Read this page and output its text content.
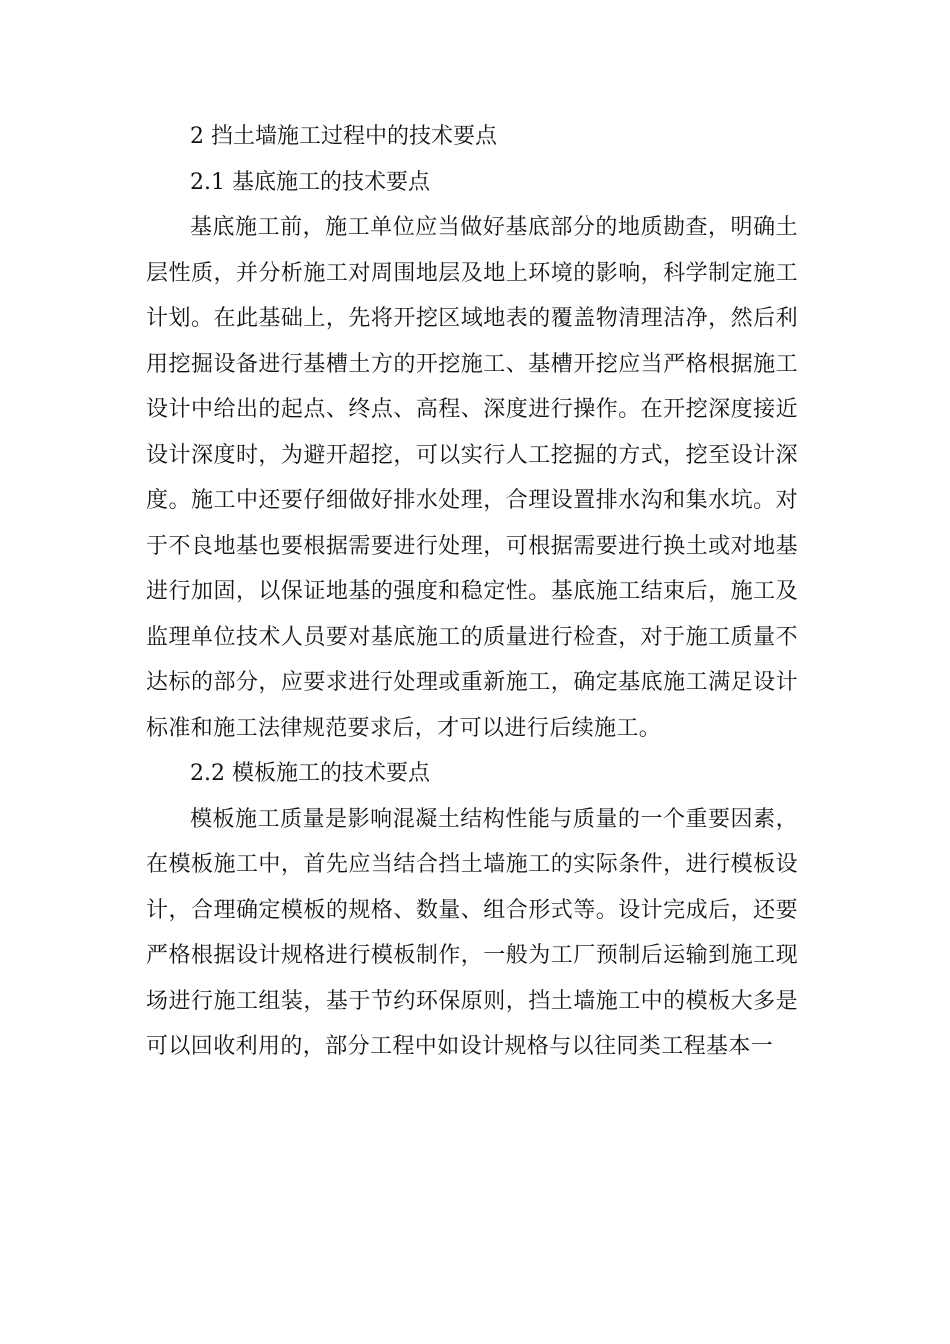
2 挡土墙施工过程中的技术要点

2.1 基底施工的技术要点

基底施工前，施工单位应当做好基底部分的地质勘查，明确土
层性质，并分析施工对周围地层及地上环境的影响，科学制定施工
计划。在此基础上，先将开挖区域地表的覆盖物清理洁净，然后利
用挖掘设备进行基槽土方的开挖施工、基槽开挖应当严格根据施工
设计中给出的起点、终点、高程、深度进行操作。在开挖深度接近
设计深度时，为避开超挖，可以实行人工挖掘的方式，挖至设计深
度。施工中还要仔细做好排水处理，合理设置排水沟和集水坑。对
于不良地基也要根据需要进行处理，可根据需要进行换土或对地基
进行加固，以保证地基的强度和稳定性。基底施工结束后，施工及
监理单位技术人员要对基底施工的质量进行检查，对于施工质量不
达标的部分，应要求进行处理或重新施工，确定基底施工满足设计
标准和施工法律规范要求后，才可以进行后续施工。

2.2 模板施工的技术要点

模板施工质量是影响混凝土结构性能与质量的一个重要因素，
在模板施工中，首先应当结合挡土墙施工的实际条件，进行模板设
计，合理确定模板的规格、数量、组合形式等。设计完成后，还要
严格根据设计规格进行模板制作，一般为工厂预制后运输到施工现
场进行施工组装，基于节约环保原则，挡土墙施工中的模板大多是
可以回收利用的，部分工程中如设计规格与以往同类工程基本一
